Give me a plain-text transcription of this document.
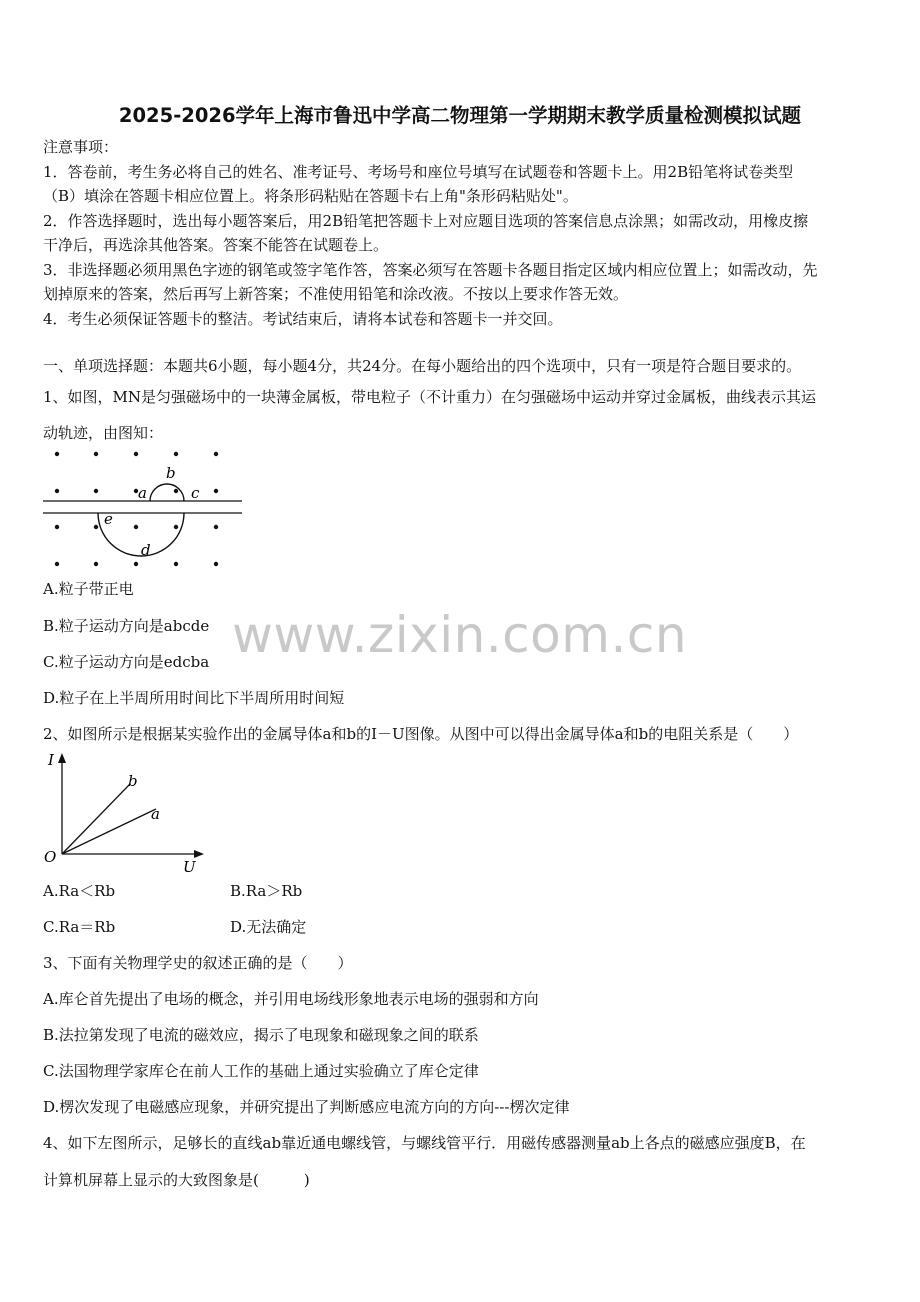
www.zixin.com.cn
2025-2026学年上海市鲁迅中学高二物理第一学期期末教学质量检测模拟试题
注意事项：
1．答卷前，考生务必将自己的姓名、准考证号、考场号和座位号填写在试题卷和答题卡上。用2B铅笔将试卷类型
（B）填涂在答题卡相应位置上。将条形码粘贴在答题卡右上角"条形码粘贴处"。
2．作答选择题时，选出每小题答案后，用2B铅笔把答题卡上对应题目选项的答案信息点涂黑；如需改动，用橡皮擦
干净后，再选涂其他答案。答案不能答在试题卷上。
3．非选择题必须用黑色字迹的钢笔或签字笔作答，答案必须写在答题卡各题目指定区域内相应位置上；如需改动，先
划掉原来的答案，然后再写上新答案；不准使用铅笔和涂改液。不按以上要求作答无效。
4．考生必须保证答题卡的整洁。考试结束后，请将本试卷和答题卡一并交回。
一、单项选择题：本题共6小题，每小题4分，共24分。在每小题给出的四个选项中，只有一项是符合题目要求的。
1、如图，MN是匀强磁场中的一块薄金属板，带电粒子（不计重力）在匀强磁场中运动并穿过金属板，曲线表示其运
动轨迹，由图知：
a
b
c
d
e
A.粒子带正电
B.粒子运动方向是abcde
C.粒子运动方向是edcba
D.粒子在上半周所用时间比下半周所用时间短
2、如图所示是根据某实验作出的金属导体a和b的I－U图像。从图中可以得出金属导体a和b的电阻关系是（　　）
I
U
O
b
a
A.Ra＜Rb	B.Ra＞Rb
C.Ra＝Rb	D.无法确定
3、下面有关物理学史的叙述正确的是（　　）
A.库仑首先提出了电场的概念，并引用电场线形象地表示电场的强弱和方向
B.法拉第发现了电流的磁效应，揭示了电现象和磁现象之间的联系
C.法国物理学家库仑在前人工作的基础上通过实验确立了库仑定律
D.楞次发现了电磁感应现象，并研究提出了判断感应电流方向的方向---楞次定律
4、如下左图所示，足够长的直线ab靠近通电螺线管，与螺线管平行．用磁传感器测量ab上各点的磁感应强度B，在
计算机屏幕上显示的大致图象是(　　　)
